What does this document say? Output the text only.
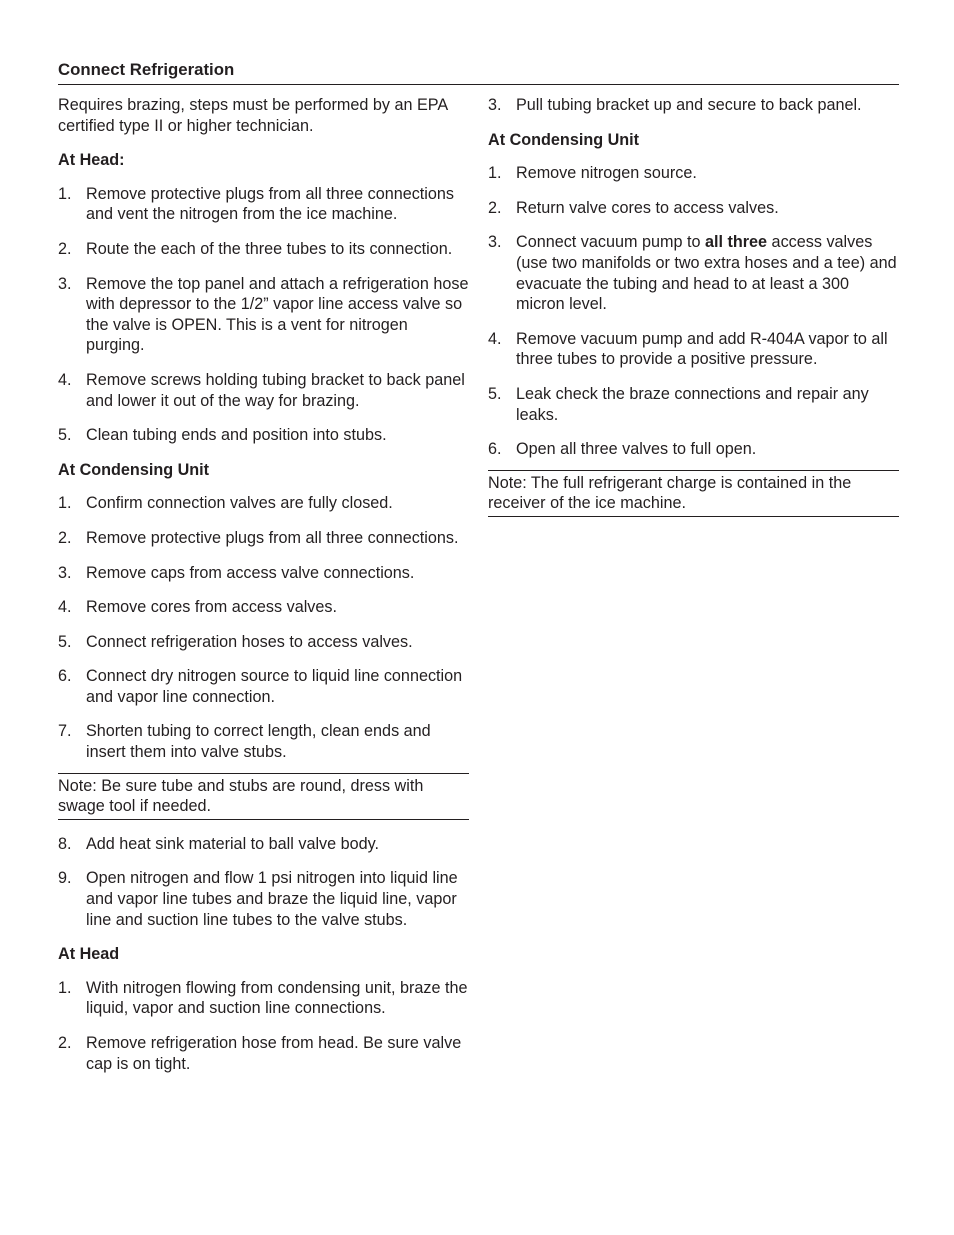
Connect Refrigeration

Requires brazing, steps must be performed by an EPA certified type II or higher technician.

At Head:

1. Remove protective plugs from all three connections and vent the nitrogen from the ice machine.
2. Route the each of the three tubes to its connection.
3. Remove the top panel and attach a refrigeration hose with depressor to the 1/2” vapor line access valve so the valve is OPEN. This is a vent for nitrogen purging.
4. Remove screws holding tubing bracket to back panel and lower it out of the way for brazing.
5. Clean tubing ends and position into stubs.

At Condensing Unit

1. Confirm connection valves are fully closed.
2. Remove protective plugs from all three connections.
3. Remove caps from access valve connections.
4. Remove cores from access valves.
5. Connect refrigeration hoses to access valves.
6. Connect dry nitrogen source to liquid line connection and vapor line connection.
7. Shorten tubing to correct length, clean ends and insert them into valve stubs.

Note: Be sure tube and stubs are round, dress with swage tool if needed.

8. Add heat sink material to ball valve body.
9. Open nitrogen and flow 1 psi nitrogen into liquid line and vapor line tubes and braze the liquid line, vapor line and suction line tubes to the valve stubs.

At Head

1. With nitrogen flowing from condensing unit, braze the liquid, vapor and suction line connections.
2. Remove refrigeration hose from head. Be sure valve cap is on tight.
3. Pull tubing bracket up and secure to back panel.

At Condensing Unit

1. Remove nitrogen source.
2. Return valve cores to access valves.
3. Connect vacuum pump to all three access valves (use two manifolds or two extra hoses and a tee) and evacuate the tubing and head to at least a 300 micron level.
4. Remove vacuum pump and add R-404A vapor to all three tubes to provide a positive pressure.
5. Leak check the braze connections and repair any leaks.
6. Open all three valves to full open.

Note: The full refrigerant charge is contained in the receiver of the ice machine.
